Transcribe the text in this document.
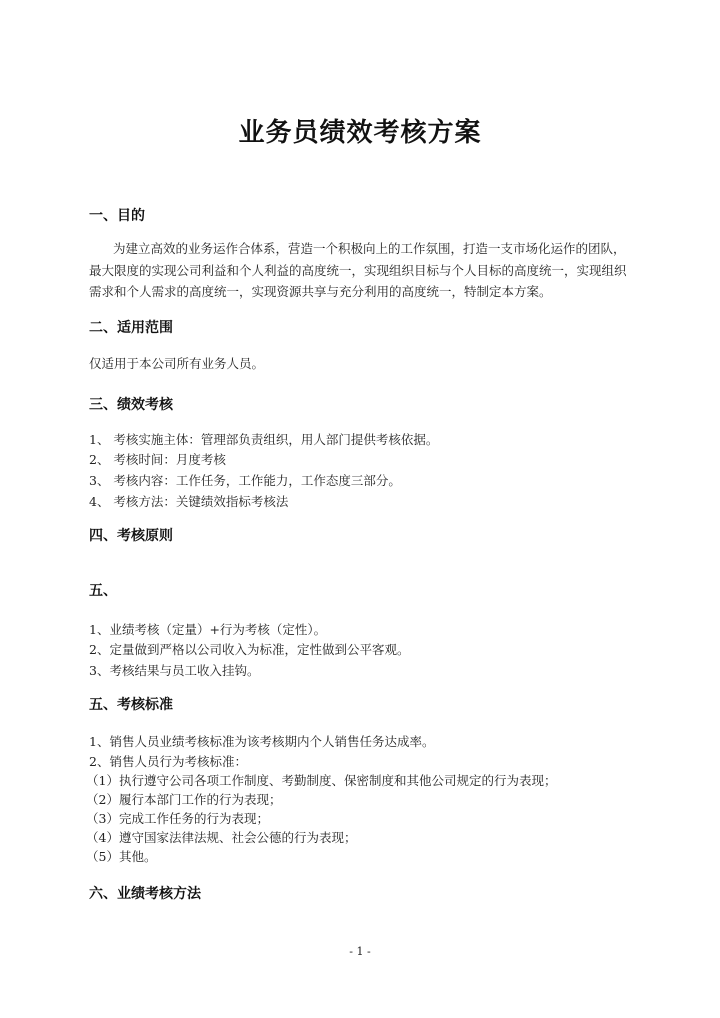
业务员绩效考核方案
一、目的
为建立高效的业务运作合体系，营造一个积极向上的工作氛围，打造一支市场化运作的团队，
最大限度的实现公司利益和个人利益的高度统一，实现组织目标与个人目标的高度统一，实现组织
需求和个人需求的高度统一，实现资源共享与充分利用的高度统一，特制定本方案。
二、适用范围
仅适用于本公司所有业务人员。
三、绩效考核
1、 考核实施主体：管理部负责组织，用人部门提供考核依据。
2、 考核时间：月度考核
3、 考核内容：工作任务，工作能力，工作态度三部分。
4、 考核方法：关键绩效指标考核法
四、考核原则
五、
1、业绩考核（定量）+行为考核（定性）。
2、定量做到严格以公司收入为标准，定性做到公平客观。
3、考核结果与员工收入挂钩。
五、考核标准
1、销售人员业绩考核标准为该考核期内个人销售任务达成率。
2、销售人员行为考核标准：
（1）执行遵守公司各项工作制度、考勤制度、保密制度和其他公司规定的行为表现；
（2）履行本部门工作的行为表现；
（3）完成工作任务的行为表现；
（4）遵守国家法律法规、社会公德的行为表现；
（5）其他。
六、业绩考核方法
- 1 -
